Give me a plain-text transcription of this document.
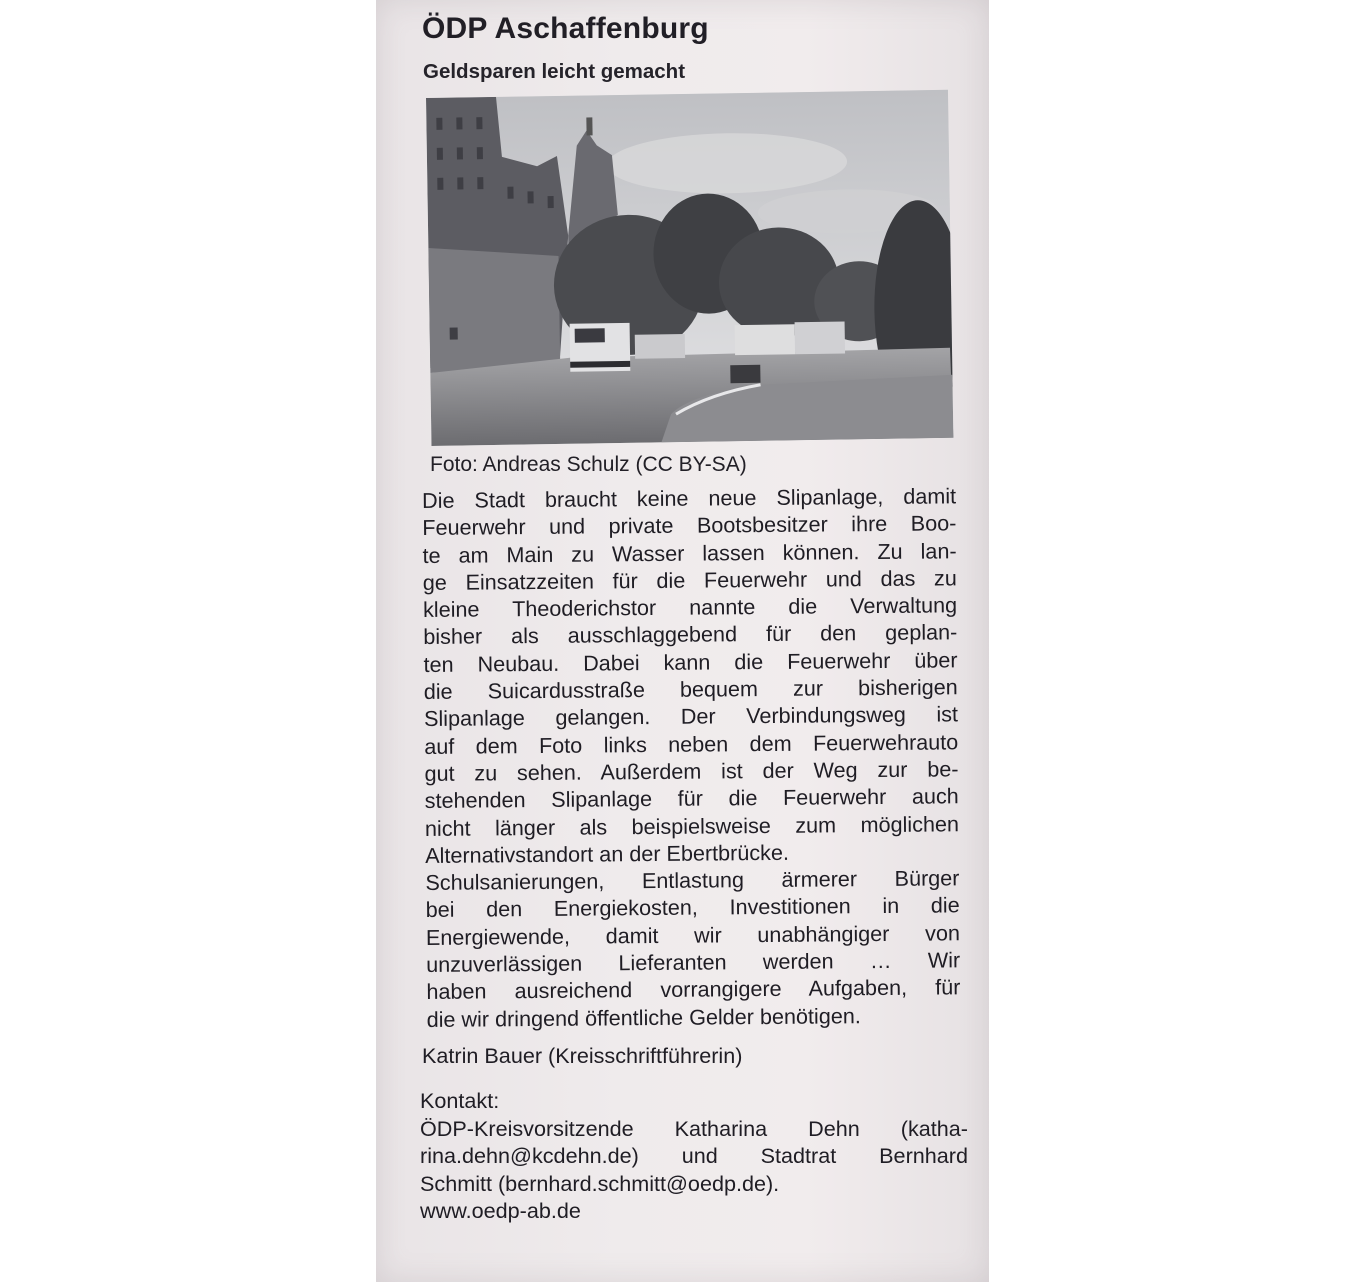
ÖDP Aschaffenburg
Geldsparen leicht gemacht

Foto: Andreas Schulz (CC BY-SA)

Die Stadt braucht keine neue Slipanlage, damit
Feuerwehr und private Bootsbesitzer ihre Boo-
te am Main zu Wasser lassen können. Zu lan-
ge Einsatzzeiten für die Feuerwehr und das zu
kleine Theoderichstor nannte die Verwaltung
bisher als ausschlaggebend für den geplan-
ten Neubau. Dabei kann die Feuerwehr über
die Suicardusstraße bequem zur bisherigen
Slipanlage gelangen. Der Verbindungsweg ist
auf dem Foto links neben dem Feuerwehrauto
gut zu sehen. Außerdem ist der Weg zur be-
stehenden Slipanlage für die Feuerwehr auch
nicht länger als beispielsweise zum möglichen
Alternativstandort an der Ebertbrücke.
Schulsanierungen, Entlastung ärmerer Bürger
bei den Energiekosten, Investitionen in die
Energiewende, damit wir unabhängiger von
unzuverlässigen Lieferanten werden … Wir
haben ausreichend vorrangigere Aufgaben, für
die wir dringend öffentliche Gelder benötigen.

Katrin Bauer (Kreisschriftführerin)

Kontakt:
ÖDP-Kreisvorsitzende Katharina Dehn (katha-
rina.dehn@kcdehn.de) und Stadtrat Bernhard
Schmitt (bernhard.schmitt@oedp.de).
www.oedp-ab.de
